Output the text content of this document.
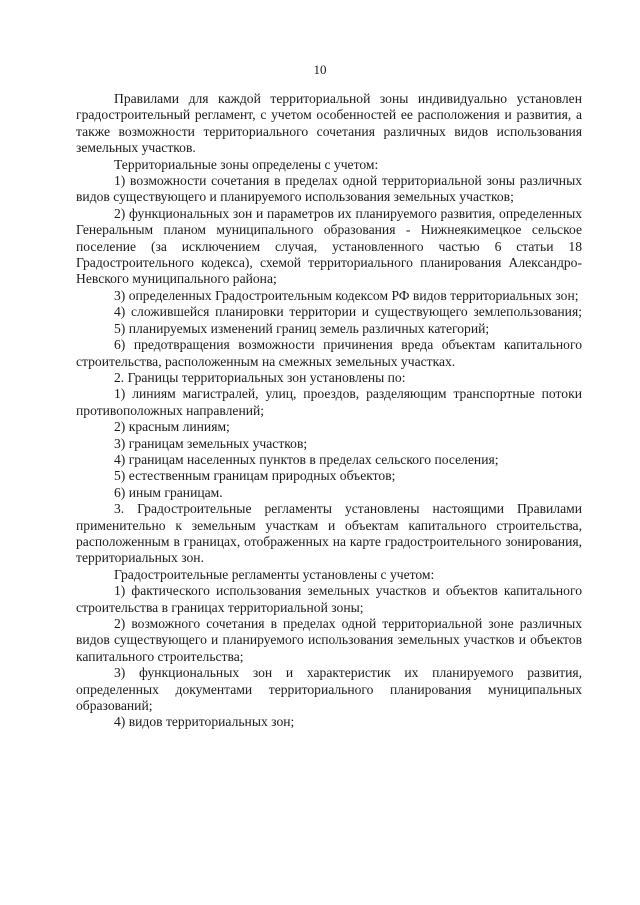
10

Правилами для каждой территориальной зоны индивидуально установлен градостроительный регламент, с учетом особенностей ее расположения и развития, а также возможности территориального сочетания различных видов использования земельных участков.

Территориальные зоны определены с учетом:

1) возможности сочетания в пределах одной территориальной зоны различных видов существующего и планируемого использования земельных участков;

2) функциональных зон и параметров их планируемого развития, определенных Генеральным планом муниципального образования - Нижнеякимецкое сельское поселение (за исключением случая, установленного частью 6 статьи 18 Градостроительного кодекса), схемой территориального планирования Александро-Невского муниципального района;

3) определенных Градостроительным кодексом РФ видов территориальных зон;

4) сложившейся планировки территории и существующего землепользования;

5) планируемых изменений границ земель различных категорий;

6) предотвращения возможности причинения вреда объектам капитального строительства, расположенным на смежных земельных участках.

2. Границы территориальных зон установлены по:

1) линиям магистралей, улиц, проездов, разделяющим транспортные потоки противоположных направлений;

2) красным линиям;

3) границам земельных участков;

4) границам населенных пунктов в пределах сельского поселения;

5) естественным границам природных объектов;

6) иным границам.

3. Градостроительные регламенты установлены настоящими Правилами применительно к земельным участкам и объектам капитального строительства, расположенным в границах, отображенных на карте градостроительного зонирования, территориальных зон.

Градостроительные регламенты установлены с учетом:

1) фактического использования земельных участков и объектов капитального строительства в границах территориальной зоны;

2) возможного сочетания в пределах одной территориальной зоне различных видов существующего и планируемого использования земельных участков и объектов капитального строительства;

3) функциональных зон и характеристик их планируемого развития, определенных документами территориального планирования муниципальных образований;

4) видов территориальных зон;
